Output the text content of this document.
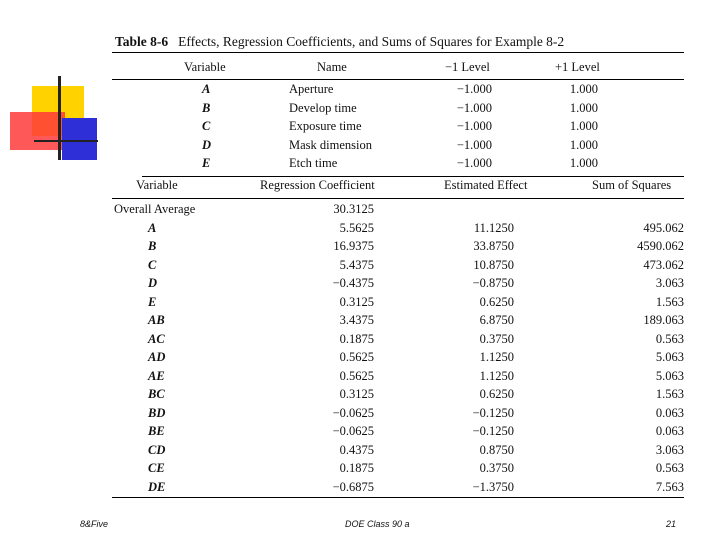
Table 8-6 Effects, Regression Coefficients, and Sums of Squares for Example 8-2
Variable	Name	−1 Level	+1 Level
A	Aperture	−1.000	1.000
B	Develop time	−1.000	1.000
C	Exposure time	−1.000	1.000
D	Mask dimension	−1.000	1.000
E	Etch time	−1.000	1.000
Variable	Regression Coefficient	Estimated Effect	Sum of Squares
Overall Average	30.3125
A	5.5625	11.1250	495.062
B	16.9375	33.8750	4590.062
C	5.4375	10.8750	473.062
D	−0.4375	−0.8750	3.063
E	0.3125	0.6250	1.563
AB	3.4375	6.8750	189.063
AC	0.1875	0.3750	0.563
AD	0.5625	1.1250	5.063
AE	0.5625	1.1250	5.063
BC	0.3125	0.6250	1.563
BD	−0.0625	−0.1250	0.063
BE	−0.0625	−0.1250	0.063
CD	0.4375	0.8750	3.063
CE	0.1875	0.3750	0.563
DE	−0.6875	−1.3750	7.563
8&Five	DOE Class 90 a	21
